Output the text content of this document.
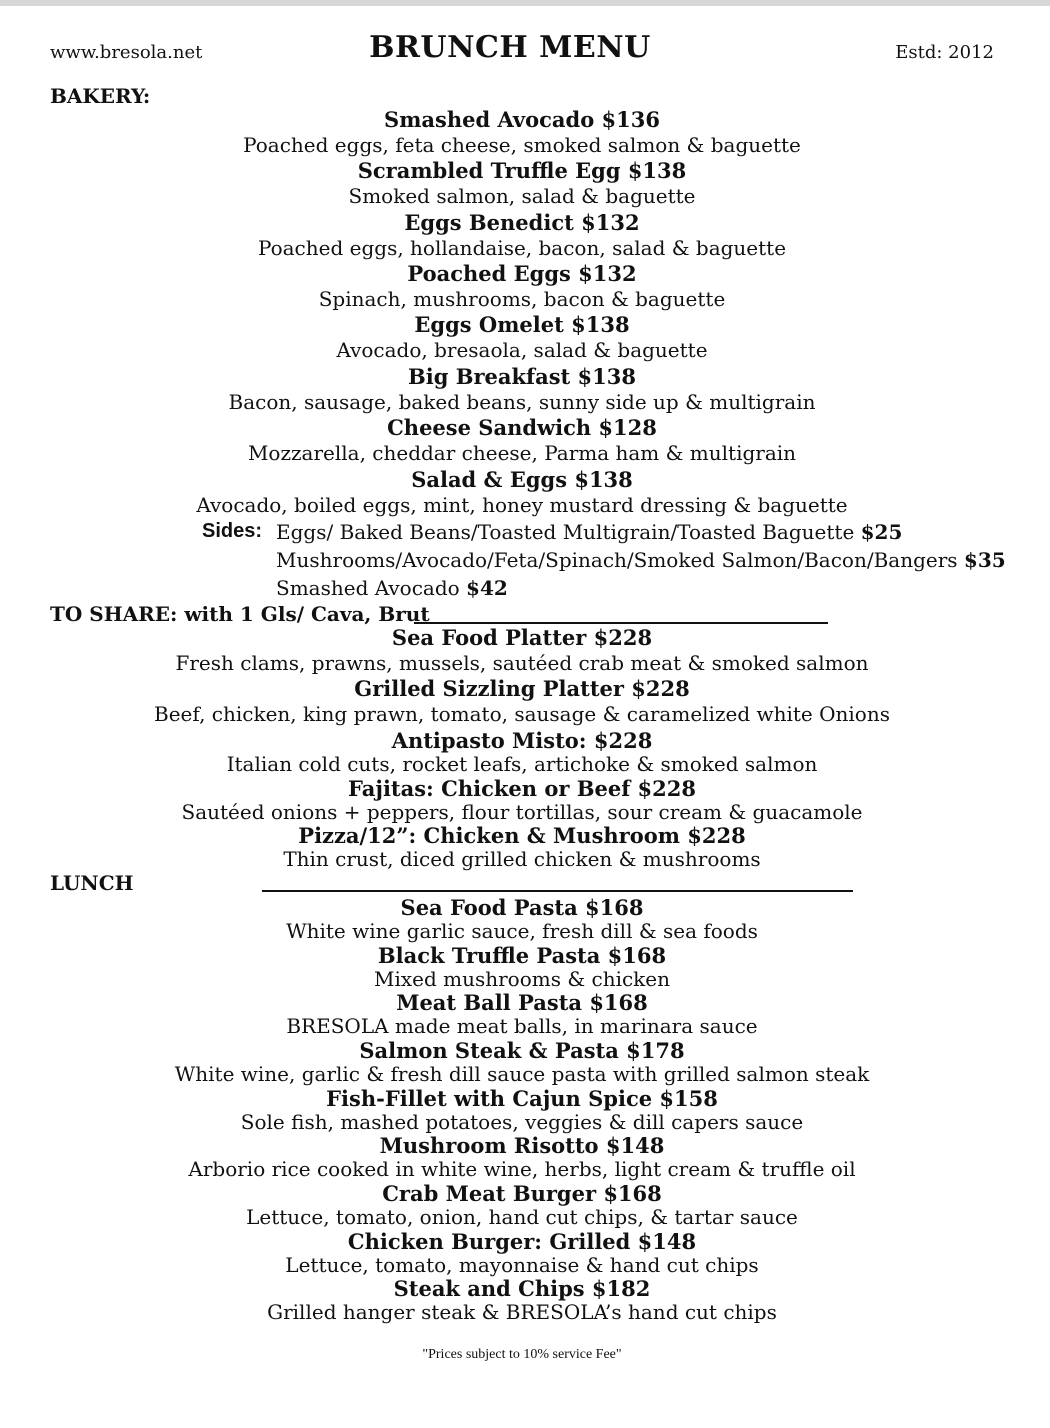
www.bresola.net	BRUNCH MENU	Estd: 2012
BAKERY:
Smashed Avocado $136
Poached eggs, feta cheese, smoked salmon & baguette
Scrambled Truffle Egg $138
Smoked salmon, salad & baguette
Eggs Benedict $132
Poached eggs, hollandaise, bacon, salad & baguette
Poached Eggs $132
Spinach, mushrooms, bacon & baguette
Eggs Omelet $138
Avocado, bresaola, salad & baguette
Big Breakfast $138
Bacon, sausage, baked beans, sunny side up & multigrain
Cheese Sandwich $128
Mozzarella, cheddar cheese, Parma ham & multigrain
Salad & Eggs $138
Avocado, boiled eggs, mint, honey mustard dressing & baguette
Sides: Eggs/ Baked Beans/Toasted Multigrain/Toasted Baguette $25
Mushrooms/Avocado/Feta/Spinach/Smoked Salmon/Bacon/Bangers $35
Smashed Avocado $42
TO SHARE: with 1 Gls/ Cava, Brut
Sea Food Platter $228
Fresh clams, prawns, mussels, sautéed crab meat & smoked salmon
Grilled Sizzling Platter $228
Beef, chicken, king prawn, tomato, sausage & caramelized white Onions
Antipasto Misto: $228
Italian cold cuts, rocket leafs, artichoke & smoked salmon
Fajitas: Chicken or Beef $228
Sautéed onions + peppers, flour tortillas, sour cream & guacamole
Pizza/12”: Chicken & Mushroom $228
Thin crust, diced grilled chicken & mushrooms
LUNCH
Sea Food Pasta $168
White wine garlic sauce, fresh dill & sea foods
Black Truffle Pasta $168
Mixed mushrooms & chicken
Meat Ball Pasta $168
BRESOLA made meat balls, in marinara sauce
Salmon Steak & Pasta $178
White wine, garlic & fresh dill sauce pasta with grilled salmon steak
Fish-Fillet with Cajun Spice $158
Sole fish, mashed potatoes, veggies & dill capers sauce
Mushroom Risotto $148
Arborio rice cooked in white wine, herbs, light cream & truffle oil
Crab Meat Burger $168
Lettuce, tomato, onion, hand cut chips, & tartar sauce
Chicken Burger: Grilled $148
Lettuce, tomato, mayonnaise & hand cut chips
Steak and Chips $182
Grilled hanger steak & BRESOLA’s hand cut chips
"Prices subject to 10% service Fee"
